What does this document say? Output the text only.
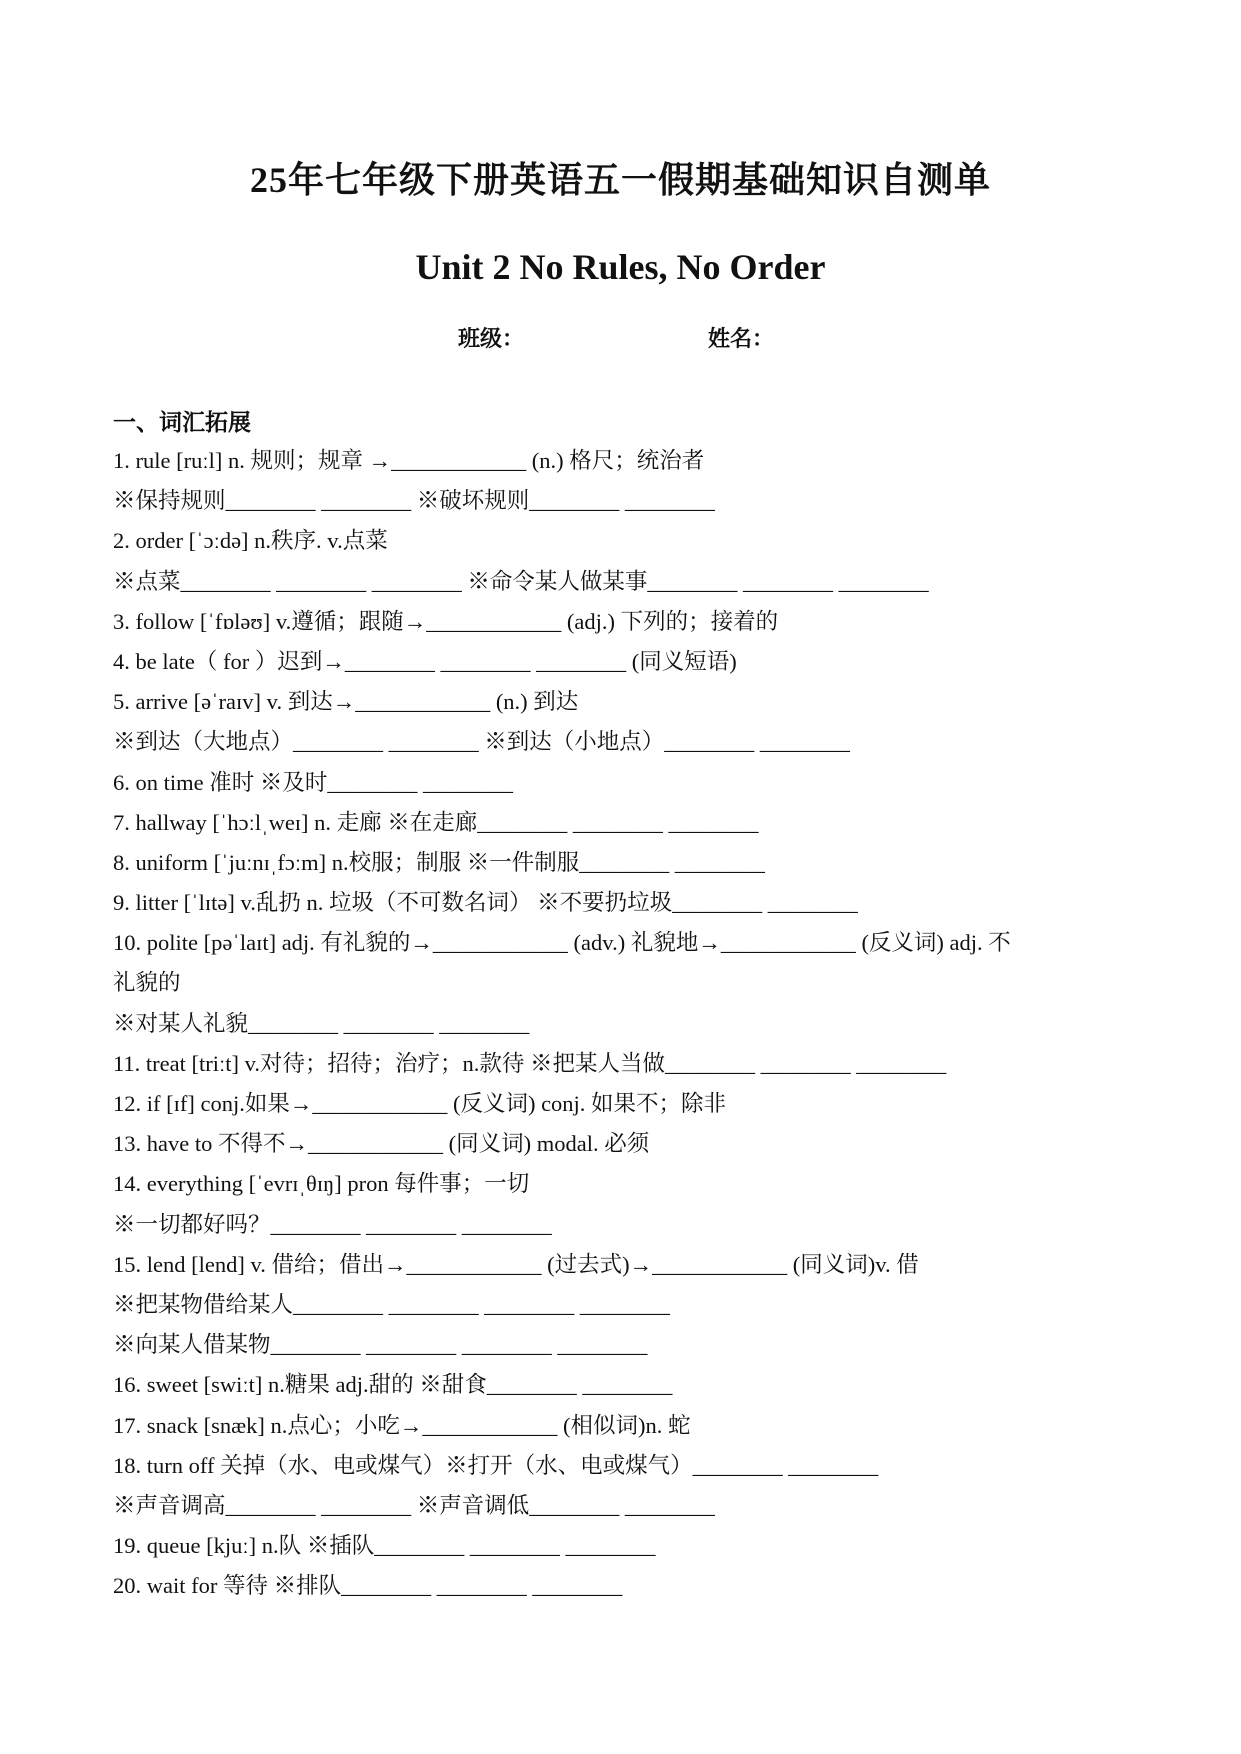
25年七年级下册英语五一假期基础知识自测单
Unit 2 No Rules, No Order
班级：	姓名：
一、词汇拓展
1. rule [ruːl] n. 规则；规章 →____________ (n.) 格尺；统治者
※保持规则________ ________ ※破坏规则________ ________
2. order [ˈɔːdə] n.秩序. v.点菜
※点菜________ ________ ________ ※命令某人做某事________ ________ ________
3. follow [ˈfɒləʊ] v.遵循；跟随→____________ (adj.) 下列的；接着的
4. be late（ for ）迟到→________ ________ ________ (同义短语)
5. arrive [əˈraɪv] v. 到达→____________ (n.) 到达
※到达（大地点）________ ________ ※到达（小地点）________ ________
6. on time 准时 ※及时________ ________
7. hallway [ˈhɔːlˌweɪ] n. 走廊 ※在走廊________ ________ ________
8. uniform [ˈjuːnɪˌfɔːm] n.校服；制服 ※一件制服________ ________
9. litter [ˈlɪtə] v.乱扔 n. 垃圾（不可数名词） ※不要扔垃圾________ ________
10. polite [pəˈlaɪt] adj. 有礼貌的→____________ (adv.) 礼貌地→____________ (反义词) adj. 不
礼貌的
※对某人礼貌________ ________ ________
11. treat [triːt] v.对待；招待；治疗；n.款待 ※把某人当做________ ________ ________
12. if [ɪf] conj.如果→____________ (反义词) conj. 如果不；除非
13. have to 不得不→____________ (同义词) modal. 必须
14. everything [ˈevrɪˌθɪŋ] pron 每件事；一切
※一切都好吗？________ ________ ________
15. lend [lend] v. 借给；借出→____________ (过去式)→____________ (同义词)v. 借
※把某物借给某人________ ________ ________ ________
※向某人借某物________ ________ ________ ________
16. sweet [swiːt] n.糖果 adj.甜的 ※甜食________ ________
17. snack [snæk] n.点心；小吃→____________ (相似词)n. 蛇
18. turn off 关掉（水、电或煤气）※打开（水、电或煤气）________ ________
※声音调高________ ________ ※声音调低________ ________
19. queue [kjuː] n.队 ※插队________ ________ ________
20. wait for 等待 ※排队________ ________ ________
